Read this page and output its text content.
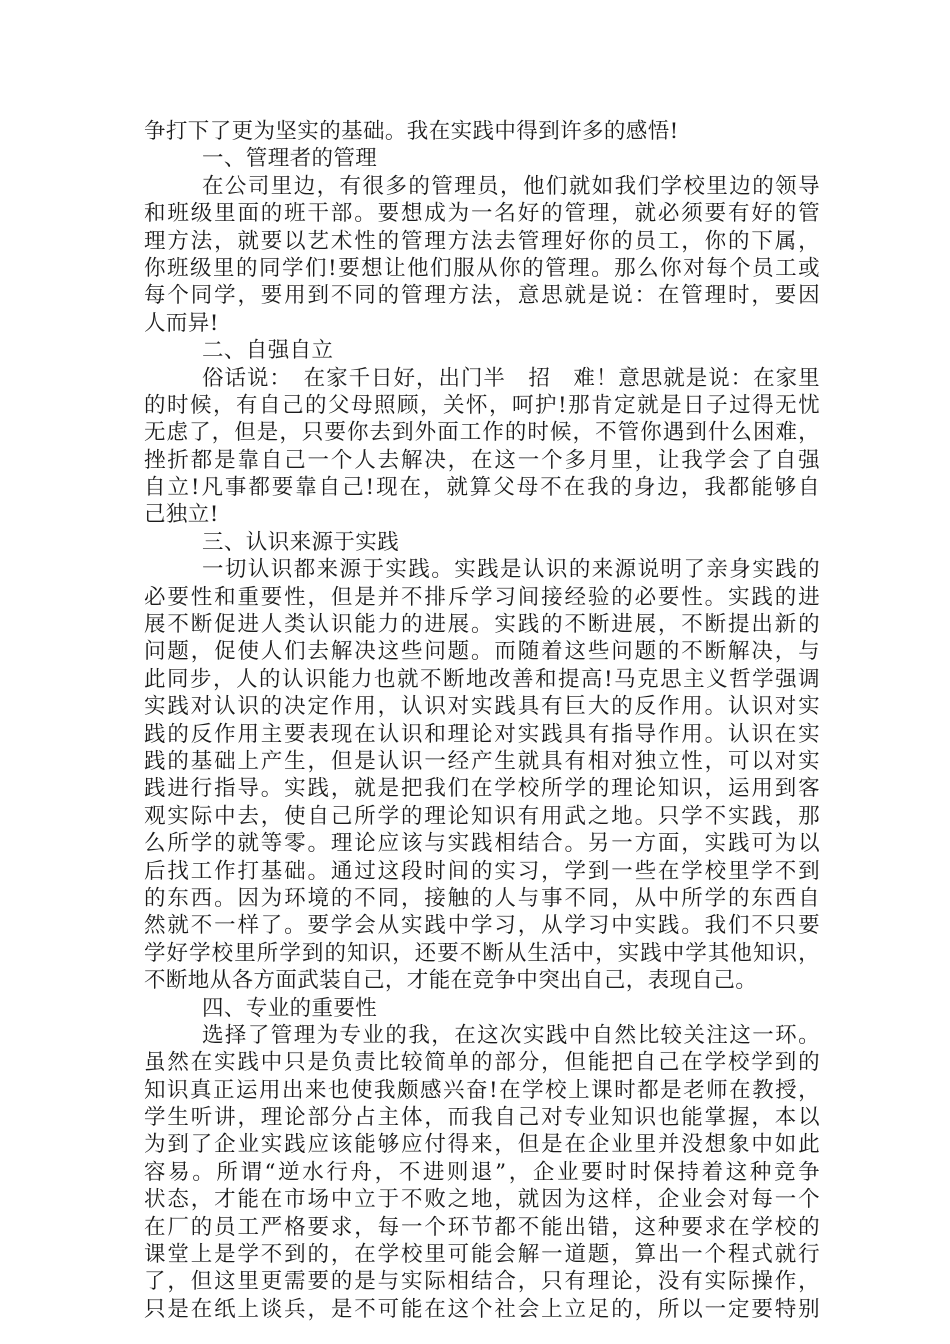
争打下了更为坚实的基础。我在实践中得到许多的感悟!
一、管理者的管理
在公司里边，有很多的管理员，他们就如我们学校里边的领导
和班级里面的班干部。要想成为一名好的管理，就必须要有好的管
理方法，就要以艺术性的管理方法去管理好你的员工，你的下属，
你班级里的同学们!要想让他们服从你的管理。那么你对每个员工或
每个同学，要用到不同的管理方法，意思就是说：在管理时，要因
人而异!
二、自强自立
俗话说：　在家千日好，出门半　招　难！意思就是说：在家里
的时候，有自己的父母照顾，关怀，呵护!那肯定就是日子过得无忧
无虑了，但是，只要你去到外面工作的时候，不管你遇到什么困难，
挫折都是靠自己一个人去解决，在这一个多月里，让我学会了自强
自立!凡事都要靠自己!现在，就算父母不在我的身边，我都能够自
己独立!
三、认识来源于实践
一切认识都来源于实践。实践是认识的来源说明了亲身实践的
必要性和重要性，但是并不排斥学习间接经验的必要性。实践的进
展不断促进人类认识能力的进展。实践的不断进展，不断提出新的
问题，促使人们去解决这些问题。而随着这些问题的不断解决，与
此同步，人的认识能力也就不断地改善和提高!马克思主义哲学强调
实践对认识的决定作用，认识对实践具有巨大的反作用。认识对实
践的反作用主要表现在认识和理论对实践具有指导作用。认识在实
践的基础上产生，但是认识一经产生就具有相对独立性，可以对实
践进行指导。实践，就是把我们在学校所学的理论知识，运用到客
观实际中去，使自己所学的理论知识有用武之地。只学不实践，那
么所学的就等零。理论应该与实践相结合。另一方面，实践可为以
后找工作打基础。通过这段时间的实习，学到一些在学校里学不到
的东西。因为环境的不同，接触的人与事不同，从中所学的东西自
然就不一样了。要学会从实践中学习，从学习中实践。我们不只要
学好学校里所学到的知识，还要不断从生活中，实践中学其他知识，
不断地从各方面武装自己，才能在竞争中突出自己，表现自己。
四、专业的重要性
选择了管理为专业的我，在这次实践中自然比较关注这一环。
虽然在实践中只是负责比较简单的部分，但能把自己在学校学到的
知识真正运用出来也使我颇感兴奋!在学校上课时都是老师在教授，
学生听讲，理论部分占主体，而我自己对专业知识也能掌握，本以
为到了企业实践应该能够应付得来，但是在企业里并没想象中如此
容易。所谓“逆水行舟，不进则退”，企业要时时保持着这种竞争
状态，才能在市场中立于不败之地，就因为这样，企业会对每一个
在厂的员工严格要求，每一个环节都不能出错，这种要求在学校的
课堂上是学不到的，在学校里可能会解一道题，算出一个程式就行
了，但这里更需要的是与实际相结合，只有理论，没有实际操作，
只是在纸上谈兵，是不可能在这个社会上立足的，所以一定要特别
